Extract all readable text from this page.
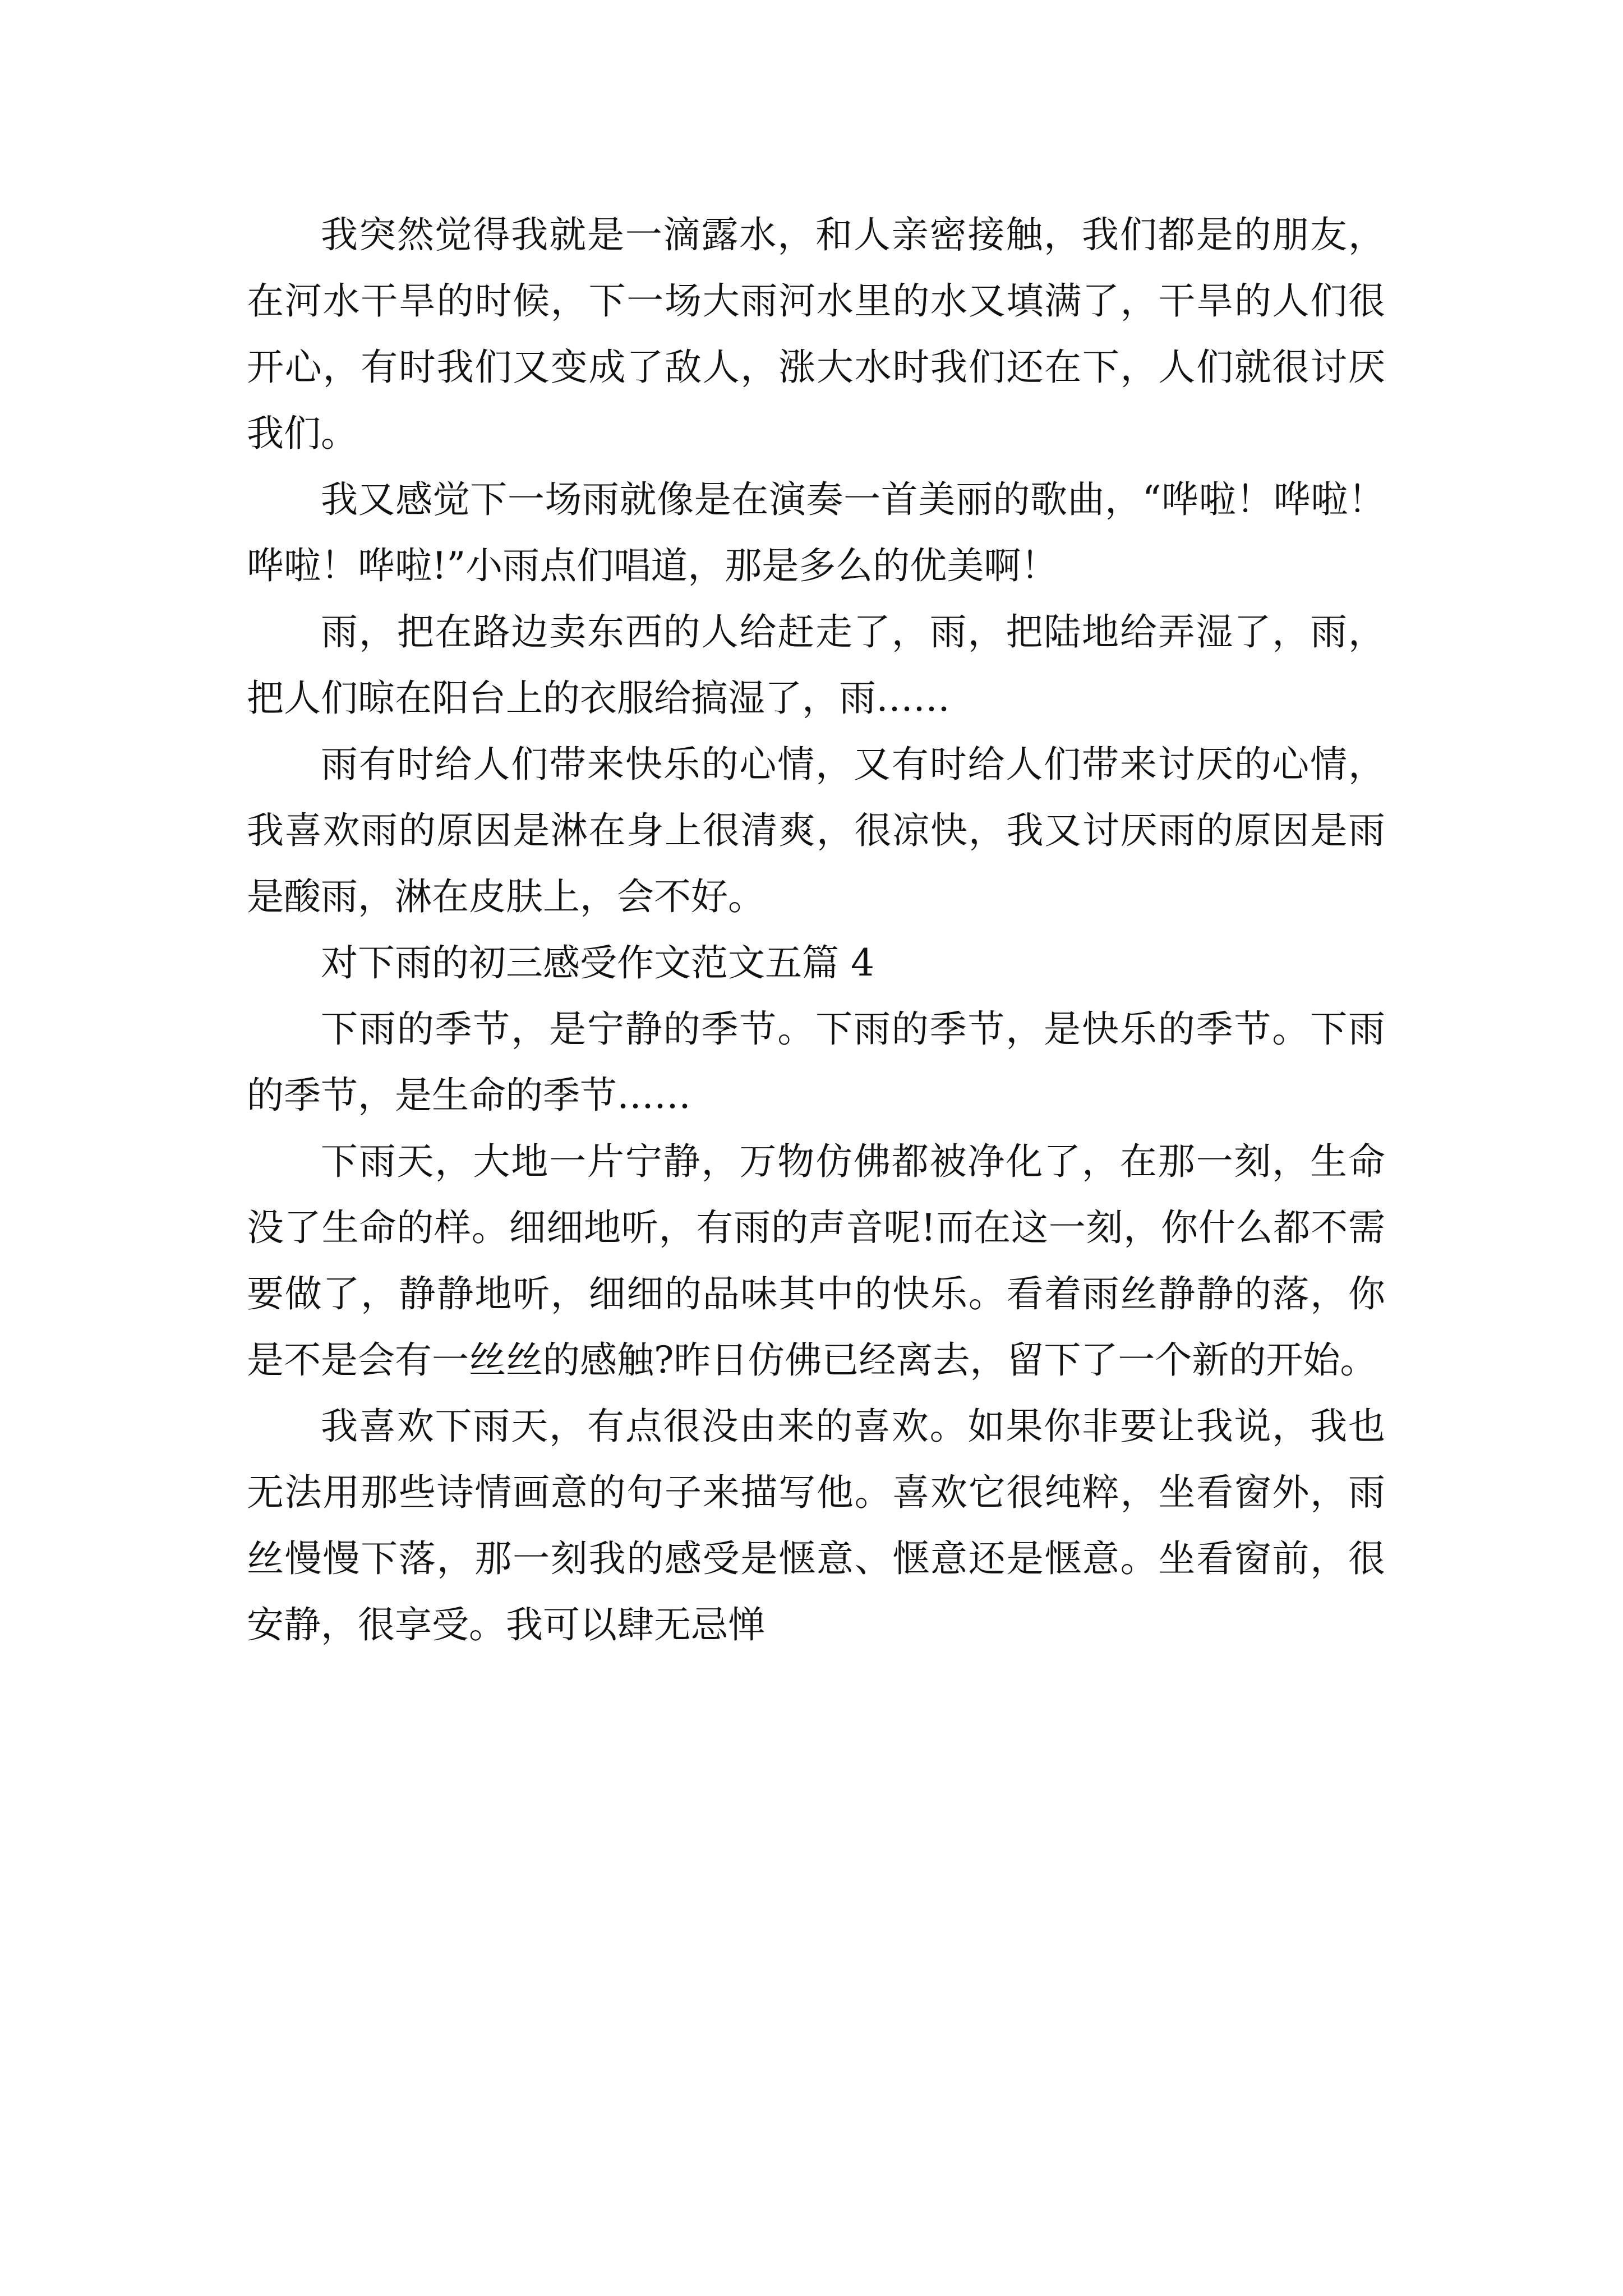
我突然觉得我就是一滴露水，和人亲密接触，我们都是的朋友，在河水干旱的时候，下一场大雨河水里的水又填满了，干旱的人们很开心，有时我们又变成了敌人，涨大水时我们还在下，人们就很讨厌我们。

我又感觉下一场雨就像是在演奏一首美丽的歌曲，“哗啦！哗啦！哗啦！哗啦!”小雨点们唱道，那是多么的优美啊！

雨，把在路边卖东西的人给赶走了，雨，把陆地给弄湿了，雨，把人们晾在阳台上的衣服给搞湿了，雨……

雨有时给人们带来快乐的心情，又有时给人们带来讨厌的心情，我喜欢雨的原因是淋在身上很清爽，很凉快，我又讨厌雨的原因是雨是酸雨，淋在皮肤上，会不好。

对下雨的初三感受作文范文五篇 4

下雨的季节，是宁静的季节。下雨的季节，是快乐的季节。下雨的季节，是生命的季节……

下雨天，大地一片宁静，万物仿佛都被净化了，在那一刻，生命没了生命的样。细细地听，有雨的声音呢!而在这一刻，你什么都不需要做了，静静地听，细细的品味其中的快乐。看着雨丝静静的落，你是不是会有一丝丝的感触?昨日仿佛已经离去，留下了一个新的开始。

我喜欢下雨天，有点很没由来的喜欢。如果你非要让我说，我也无法用那些诗情画意的句子来描写他。喜欢它很纯粹，坐看窗外，雨丝慢慢下落，那一刻我的感受是惬意、惬意还是惬意。坐看窗前，很安静，很享受。我可以肆无忌惮
